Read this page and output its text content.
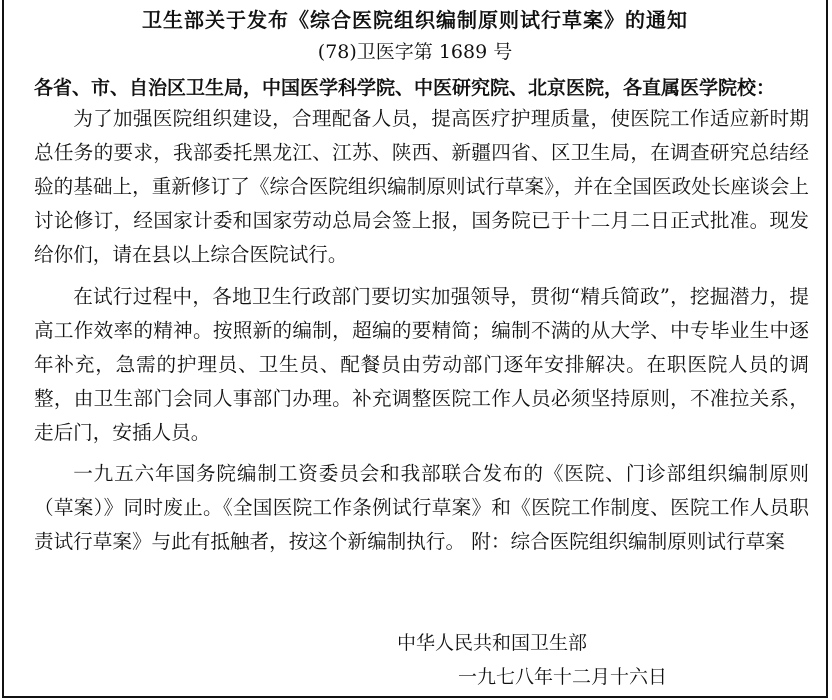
卫生部关于发布《综合医院组织编制原则试行草案》的通知
(78)卫医字第 1689 号
各省、市、自治区卫生局，中国医学科学院、中医研究院、北京医院，各直属医学院校：

为了加强医院组织建设，合理配备人员，提高医疗护理质量，使医院工作适应新时期总任务的要求，我部委托黑龙江、江苏、陕西、新疆四省、区卫生局，在调查研究总结经验的基础上，重新修订了《综合医院组织编制原则试行草案》，并在全国医政处长座谈会上讨论修订，经国家计委和国家劳动总局会签上报，国务院已于十二月二日正式批准。现发给你们，请在县以上综合医院试行。

在试行过程中，各地卫生行政部门要切实加强领导，贯彻“精兵简政”，挖掘潜力，提高工作效率的精神。按照新的编制，超编的要精简；编制不满的从大学、中专毕业生中逐年补充，急需的护理员、卫生员、配餐员由劳动部门逐年安排解决。在职医院人员的调整，由卫生部门会同人事部门办理。补充调整医院工作人员必须坚持原则，不准拉关系，走后门，安插人员。

一九五六年国务院编制工资委员会和我部联合发布的《医院、门诊部组织编制原则（草案）》同时废止。《全国医院工作条例试行草案》和《医院工作制度、医院工作人员职责试行草案》与此有抵触者，按这个新编制执行。 附：综合医院组织编制原则试行草案

中华人民共和国卫生部
一九七八年十二月十六日
